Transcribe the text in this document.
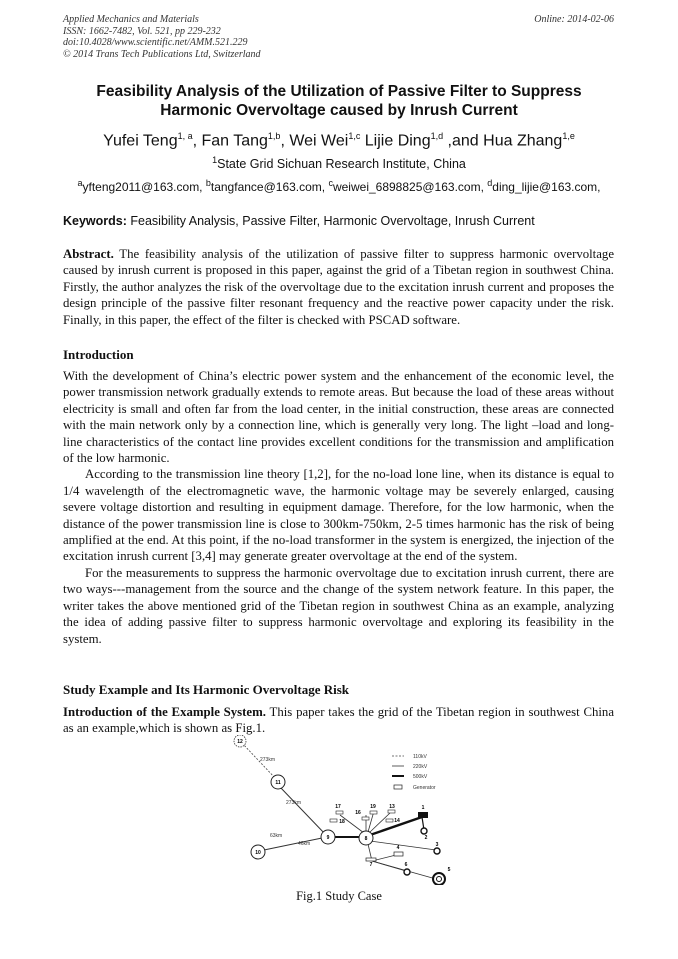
Applied Mechanics and Materials
ISSN: 1662-7482, Vol. 521, pp 229-232
doi:10.4028/www.scientific.net/AMM.521.229
© 2014 Trans Tech Publications Ltd, Switzerland
Online: 2014-02-06
Feasibility Analysis of the Utilization of Passive Filter to Suppress
Harmonic Overvoltage caused by Inrush Current
Yufei Teng$^{1, a}$, Fan Tang$^{1,b}$, Wei Wei$^{1,c}$ Lijie Ding$^{1,d}$ ,and Hua Zhang$^{1,e}$
$^1$State Grid Sichuan Research Institute, China
$^a$yfteng2011@163.com, $^b$tangfance@163.com, $^c$weiwei_6898825@163.com, $^d$ding_lijie@163.com,
Keywords: Feasibility Analysis, Passive Filter, Harmonic Overvoltage, Inrush Current

Abstract. The feasibility analysis of the utilization of passive filter to suppress harmonic overvoltage caused by inrush current is proposed in this paper, against the grid of a Tibetan region in southwest China. Firstly, the author analyzes the risk of the overvoltage due to the excitation inrush current and proposes the design principle of the passive filter resonant frequency and the reactive power capacity under the risk. Finally, in this paper, the effect of the filter is checked with PSCAD software.

Introduction

With the development of China’s electric power system and the enhancement of the economic level, the power transmission network gradually extends to remote areas. But because the load of these areas without electricity is small and often far from the load center, in the initial construction, these areas are connected with the main network only by a connection line, which is generally very long. The light –load and long-line characteristics of the contact line provides excellent conditions for the transmission and amplification of the low harmonic.

According to the transmission line theory [1,2], for the no-load lone line, when its distance is equal to 1/4 wavelength of the electromagnetic wave, the harmonic voltage may be severely enlarged, causing severe voltage distortion and resulting in equipment damage. Therefore, for the low harmonic, when the distance of the power transmission line is close to 300km-750km, 2-5 times harmonic has the risk of being amplified at the end. At this point, if the no-load transformer in the system is energized, the injection of the excitation inrush current [3,4] may generate greater overvoltage at the end of the system.

For the measurements to suppress the harmonic overvoltage due to excitation inrush current, there are two ways---management from the source and the change of the system network feature. In this paper, the writer takes the above mentioned grid of the Tibetan region in southwest China as an example, analyzing the idea of adding passive filter to suppress harmonic overvoltage and exploring its feasibility in the system.

Study Example and Its Harmonic Overvoltage Risk

Introduction of the Example System. This paper takes the grid of the Tibetan region in southwest China as an example,which is shown as Fig.1.

12
11
10
9	8
1
2
3
4
5
6
7
13
14
16
17
18
19
273km
273km
63km
46km
110kV
220kV
500kV
Generator
Fig.1 Study Case
